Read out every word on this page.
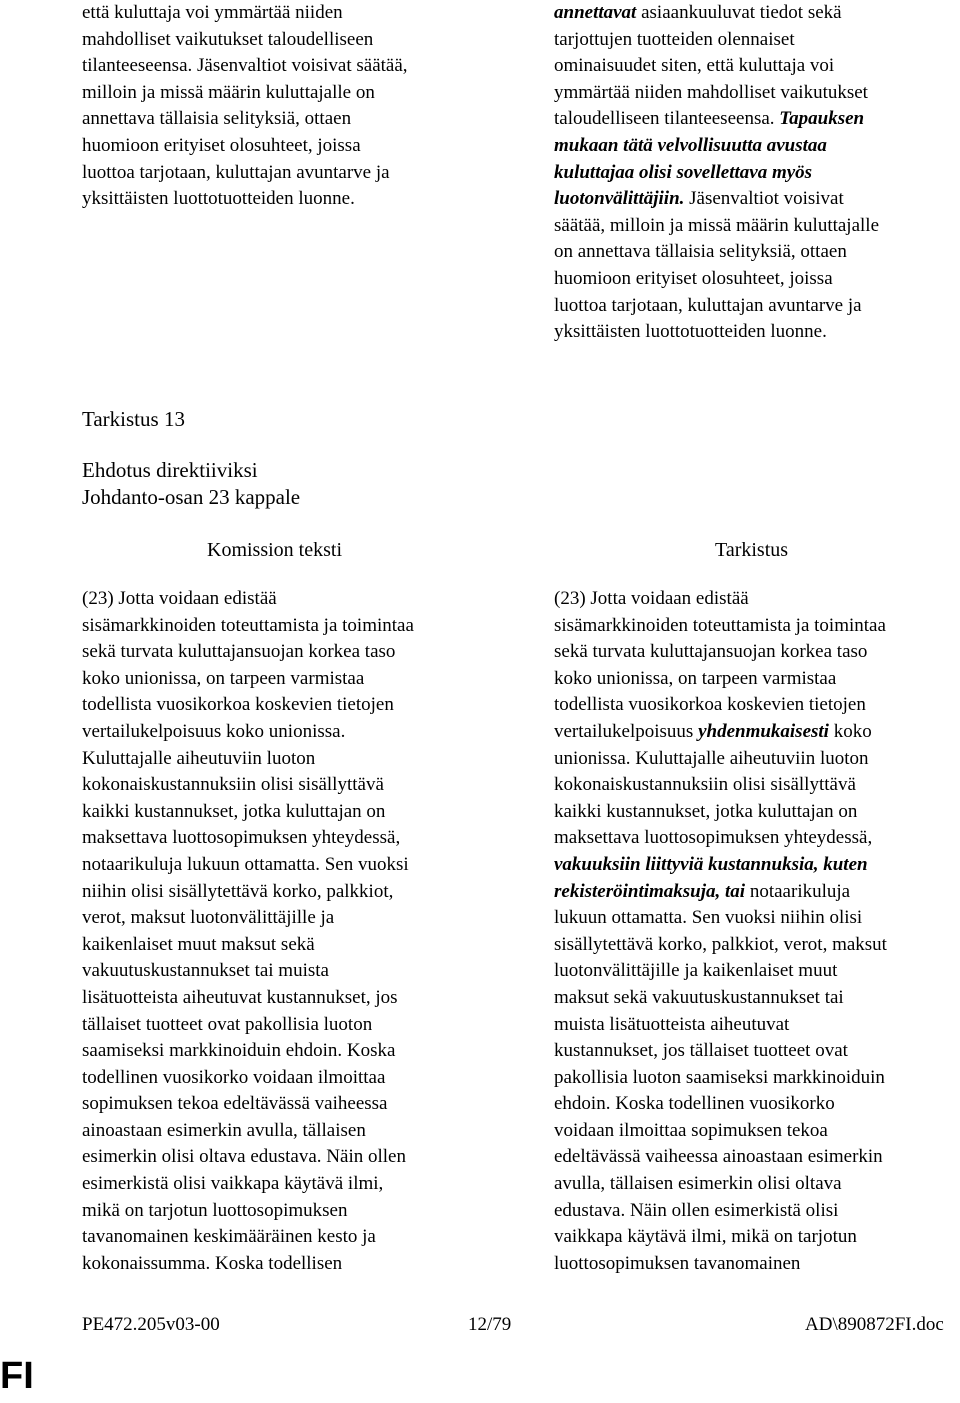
että kuluttaja voi ymmärtää niiden
mahdolliset vaikutukset taloudelliseen
tilanteeseensa. Jäsenvaltiot voisivat säätää,
milloin ja missä määrin kuluttajalle on
annettava tällaisia selityksiä, ottaen
huomioon erityiset olosuhteet, joissa
luottoa tarjotaan, kuluttajan avuntarve ja
yksittäisten luottotuotteiden luonne.
annettavat asiaankuuluvat tiedot sekä
tarjottujen tuotteiden olennaiset
ominaisuudet siten, että kuluttaja voi
ymmärtää niiden mahdolliset vaikutukset
taloudelliseen tilanteeseensa. Tapauksen
mukaan tätä velvollisuutta avustaa
kuluttajaa olisi sovellettava myös
luotonvälittäjiin. Jäsenvaltiot voisivat
säätää, milloin ja missä määrin kuluttajalle
on annettava tällaisia selityksiä, ottaen
huomioon erityiset olosuhteet, joissa
luottoa tarjotaan, kuluttajan avuntarve ja
yksittäisten luottotuotteiden luonne.
Tarkistus 13
Ehdotus direktiiviksi
Johdanto-osan 23 kappale
Komission teksti	Tarkistus
(23) Jotta voidaan edistää
sisämarkkinoiden toteuttamista ja toimintaa
sekä turvata kuluttajansuojan korkea taso
koko unionissa, on tarpeen varmistaa
todellista vuosikorkoa koskevien tietojen
vertailukelpoisuus koko unionissa.
Kuluttajalle aiheutuviin luoton
kokonaiskustannuksiin olisi sisällyttävä
kaikki kustannukset, jotka kuluttajan on
maksettava luottosopimuksen yhteydessä,
notaarikuluja lukuun ottamatta. Sen vuoksi
niihin olisi sisällytettävä korko, palkkiot,
verot, maksut luotonvälittäjille ja
kaikenlaiset muut maksut sekä
vakuutuskustannukset tai muista
lisätuotteista aiheutuvat kustannukset, jos
tällaiset tuotteet ovat pakollisia luoton
saamiseksi markkinoiduin ehdoin. Koska
todellinen vuosikorko voidaan ilmoittaa
sopimuksen tekoa edeltävässä vaiheessa
ainoastaan esimerkin avulla, tällaisen
esimerkin olisi oltava edustava. Näin ollen
esimerkistä olisi vaikkapa käytävä ilmi,
mikä on tarjotun luottosopimuksen
tavanomainen keskimääräinen kesto ja
kokonaissumma. Koska todellisen
(23) Jotta voidaan edistää
sisämarkkinoiden toteuttamista ja toimintaa
sekä turvata kuluttajansuojan korkea taso
koko unionissa, on tarpeen varmistaa
todellista vuosikorkoa koskevien tietojen
vertailukelpoisuus yhdenmukaisesti koko
unionissa. Kuluttajalle aiheutuviin luoton
kokonaiskustannuksiin olisi sisällyttävä
kaikki kustannukset, jotka kuluttajan on
maksettava luottosopimuksen yhteydessä,
vakuuksiin liittyviä kustannuksia, kuten
rekisteröintimaksuja, tai notaarikuluja
lukuun ottamatta. Sen vuoksi niihin olisi
sisällytettävä korko, palkkiot, verot, maksut
luotonvälittäjille ja kaikenlaiset muut
maksut sekä vakuutuskustannukset tai
muista lisätuotteista aiheutuvat
kustannukset, jos tällaiset tuotteet ovat
pakollisia luoton saamiseksi markkinoiduin
ehdoin. Koska todellinen vuosikorko
voidaan ilmoittaa sopimuksen tekoa
edeltävässä vaiheessa ainoastaan esimerkin
avulla, tällaisen esimerkin olisi oltava
edustava. Näin ollen esimerkistä olisi
vaikkapa käytävä ilmi, mikä on tarjotun
luottosopimuksen tavanomainen
PE472.205v03-00	12/79	AD\890872FI.doc
FI
